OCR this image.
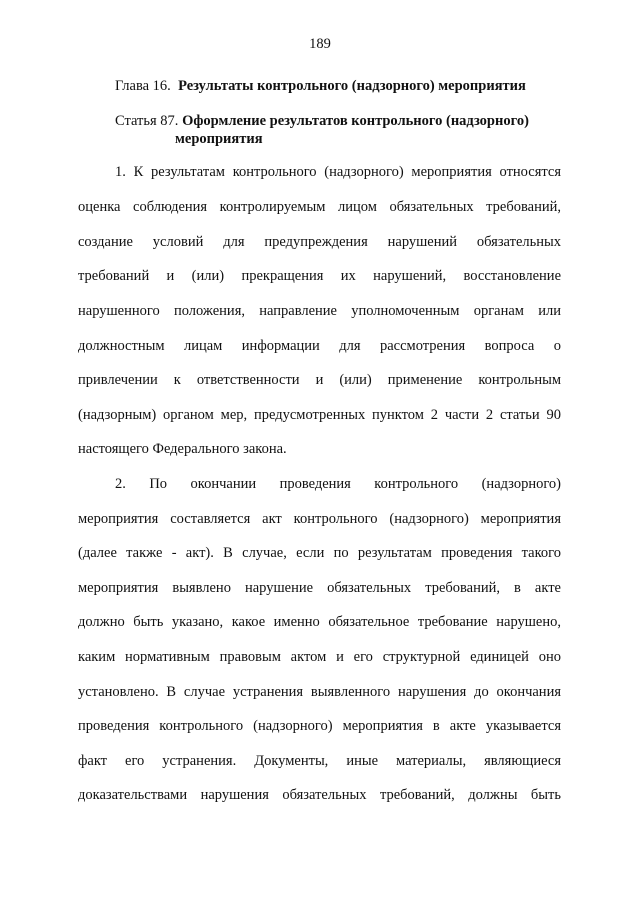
189
Глава 16. Результаты контрольного (надзорного) мероприятия
Статья 87. Оформление результатов контрольного (надзорного)
мероприятия
1. К результатам контрольного (надзорного) мероприятия относятся
оценка соблюдения контролируемым лицом обязательных требований,
создание условий для предупреждения нарушений обязательных
требований и (или) прекращения их нарушений, восстановление
нарушенного положения, направление уполномоченным органам или
должностным лицам информации для рассмотрения вопроса о
привлечении к ответственности и (или) применение контрольным
(надзорным) органом мер, предусмотренных пунктом 2 части 2 статьи 90
настоящего Федерального закона.
2. По окончании проведения контрольного (надзорного)
мероприятия составляется акт контрольного (надзорного) мероприятия
(далее также - акт). В случае, если по результатам проведения такого
мероприятия выявлено нарушение обязательных требований, в акте
должно быть указано, какое именно обязательное требование нарушено,
каким нормативным правовым актом и его структурной единицей оно
установлено. В случае устранения выявленного нарушения до окончания
проведения контрольного (надзорного) мероприятия в акте указывается
факт его устранения. Документы, иные материалы, являющиеся
доказательствами нарушения обязательных требований, должны быть
